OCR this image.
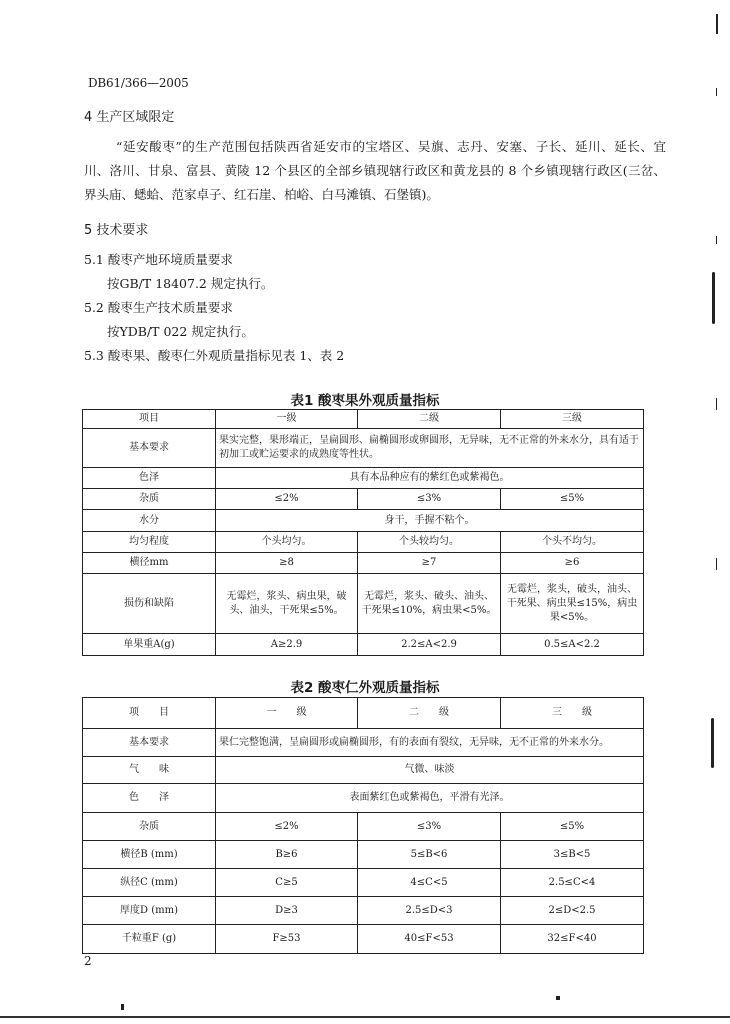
DB61/366—2005
4 生产区域限定
“延安酸枣”的生产范围包括陕西省延安市的宝塔区、吴旗、志丹、安塞、子长、延川、延长、宜川、洛川、甘泉、富县、黄陵 12 个县区的全部乡镇现辖行政区和黄龙县的 8 个乡镇现辖行政区(三岔、界头庙、蟋蛤、范家卓子、红石崖、柏峪、白马滩镇、石堡镇)。
5 技术要求
5.1 酸枣产地环境质量要求
按GB/T 18407.2 规定执行。
5.2 酸枣生产技术质量要求
按YDB/T 022 规定执行。
5.3 酸枣果、酸枣仁外观质量指标见表 1、表 2
表1 酸枣果外观质量指标
项目	一级	二级	三级
基本要求	果实完整，果形端正，呈扁圆形、扁椭圆形或卵圆形，无异味，无不正常的外来水分，具有适于初加工或贮运要求的成熟度等性状。		
色泽	具有本品种应有的紫红色或紫褐色。		
杂质	≤2%	≤3%	≤5%
水分	身干，手握不粘个。		
均匀程度	个头均匀。	个头较均匀。	个头不均匀。
横径mm	≥8	≥7	≥6
损伤和缺陷	无霉烂，浆头、病虫果，破头、油头，干死果≤5%。	无霉烂，浆头、破头、油头、干死果≤10%，病虫果<5%。	无霉烂，浆头，破头，油头、干死果、病虫果≤15%，病虫果<5%。
单果重A(g)	A≥2.9	2.2≤A<2.9	0.5≤A<2.2
表2 酸枣仁外观质量指标
项　　目	一　　级	二　　级	三　　级
基本要求	果仁完整饱满，呈扁圆形或扁椭圆形，有的表面有裂纹，无异味，无不正常的外来水分。		
气　　味	气微、味淡		
色　　泽	表面紫红色或紫褐色，平滑有光泽。		
杂质	≤2%	≤3%	≤5%
横径B (mm)	B≥6	5≤B<6	3≤B<5
纵径C (mm)	C≥5	4≤C<5	2.5≤C<4
厚度D (mm)	D≥3	2.5≤D<3	2≤D<2.5
千粒重F (g)	F≥53	40≤F<53	32≤F<40
2
